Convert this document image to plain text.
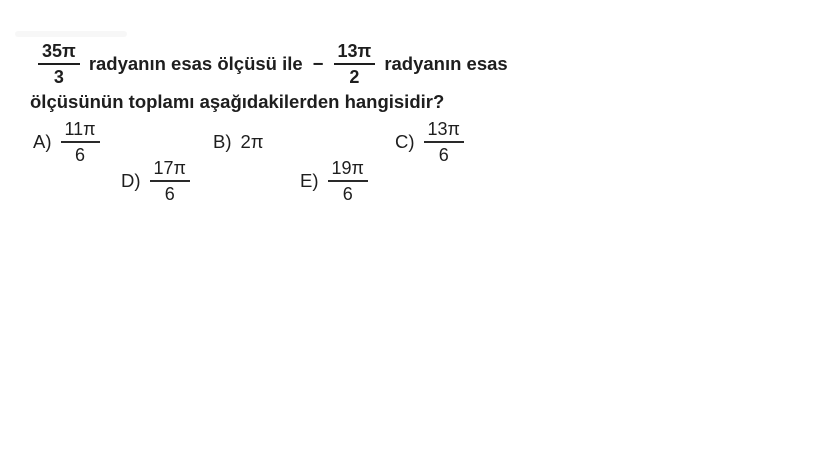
$\frac{35\pi}{3}$ radyanın esas ölçüsü ile − $\frac{13\pi}{2}$ radyanın esas
ölçüsünün toplamı aşağıdakilerden hangisidir?
$A) \frac{11\pi}{6}$	B) 2π	$C) \frac{13\pi}{6}$
$D) \frac{17\pi}{6}$	$E) \frac{19\pi}{6}$
